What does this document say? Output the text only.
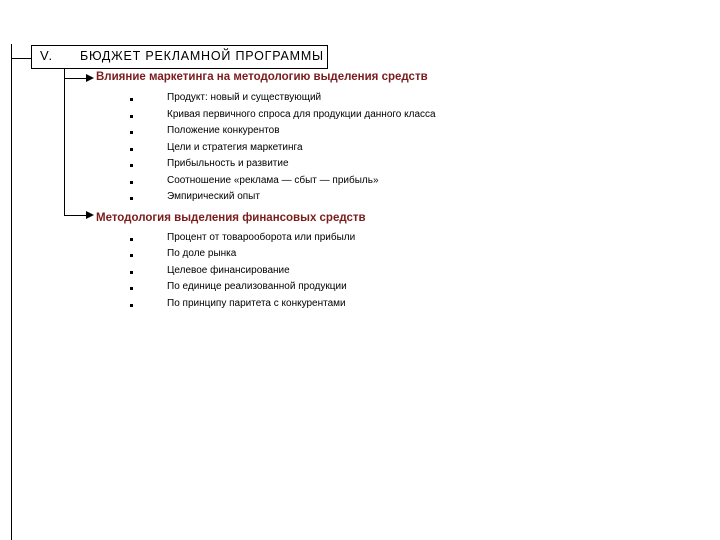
V. БЮДЖЕТ РЕКЛАМНОЙ ПРОГРАММЫ
Влияние маркетинга на методологию выделения средств
Продукт: новый и существующий
Кривая первичного спроса для продукции данного класса
Положение конкурентов
Цели и стратегия маркетинга
Прибыльность и развитие
Соотношение «реклама — сбыт — прибыль»
Эмпирический опыт
Методология выделения финансовых средств
Процент от товарооборота или прибыли
По доле рынка
Целевое финансирование
По единице реализованной продукции
По принципу паритета с конкурентами
